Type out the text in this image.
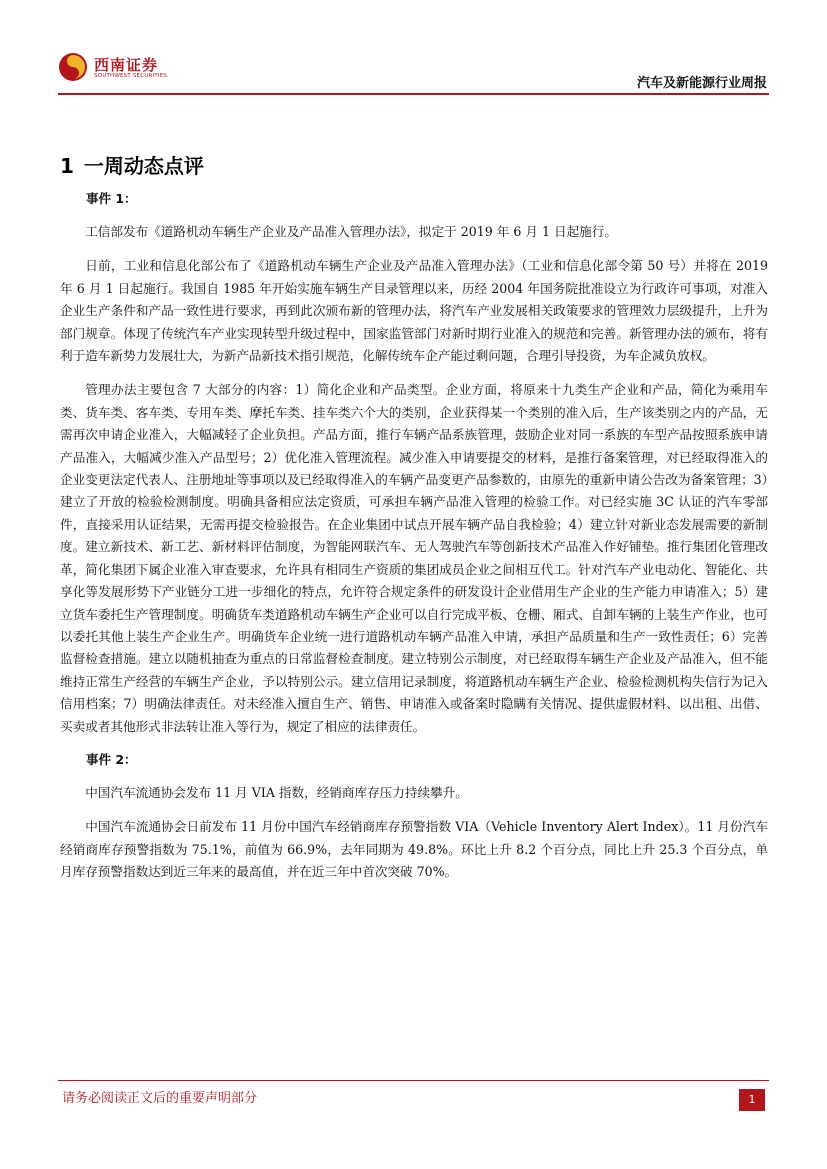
西南证券
SOUTHWEST SECURITIES	汽车及新能源行业周报
1 一周动态点评
事件 1：

工信部发布《道路机动车辆生产企业及产品准入管理办法》，拟定于 2019 年 6 月 1 日起施行。

日前，工业和信息化部公布了《道路机动车辆生产企业及产品准入管理办法》（工业和信息化部令第 50 号）并将在 2019 年 6 月 1 日起施行。我国自 1985 年开始实施车辆生产目录管理以来，历经 2004 年国务院批准设立为行政许可事项，对准入企业生产条件和产品一致性进行要求，再到此次颁布新的管理办法，将汽车产业发展相关政策要求的管理效力层级提升，上升为部门规章。体现了传统汽车产业实现转型升级过程中，国家监管部门对新时期行业准入的规范和完善。新管理办法的颁布，将有利于造车新势力发展壮大，为新产品新技术指引规范，化解传统车企产能过剩问题，合理引导投资，为车企减负放权。

管理办法主要包含 7 大部分的内容：1）简化企业和产品类型。企业方面，将原来十九类生产企业和产品，简化为乘用车类、货车类、客车类、专用车类、摩托车类、挂车类六个大的类别，企业获得某一个类别的准入后，生产该类别之内的产品，无需再次申请企业准入，大幅减轻了企业负担。产品方面，推行车辆产品系族管理，鼓励企业对同一系族的车型产品按照系族申请产品准入，大幅减少准入产品型号；2）优化准入管理流程。减少准入申请要提交的材料，是推行备案管理，对已经取得准入的企业变更法定代表人、注册地址等事项以及已经取得准入的车辆产品变更产品参数的，由原先的重新申请公告改为备案管理；3）建立了开放的检验检测制度。明确具备相应法定资质，可承担车辆产品准入管理的检验工作。对已经实施 3C 认证的汽车零部件，直接采用认证结果，无需再提交检验报告。在企业集团中试点开展车辆产品自我检验；4）建立针对新业态发展需要的新制度。建立新技术、新工艺、新材料评估制度，为智能网联汽车、无人驾驶汽车等创新技术产品准入作好铺垫。推行集团化管理改革，简化集团下属企业准入审查要求，允许具有相同生产资质的集团成员企业之间相互代工。针对汽车产业电动化、智能化、共享化等发展形势下产业链分工进一步细化的特点，允许符合规定条件的研发设计企业借用生产企业的生产能力申请准入；5）建立货车委托生产管理制度。明确货车类道路机动车辆生产企业可以自行完成平板、仓栅、厢式、自卸车辆的上装生产作业，也可以委托其他上装生产企业生产。明确货车企业统一进行道路机动车辆产品准入申请，承担产品质量和生产一致性责任；6）完善监督检查措施。建立以随机抽查为重点的日常监督检查制度。建立特别公示制度，对已经取得车辆生产企业及产品准入，但不能维持正常生产经营的车辆生产企业，予以特别公示。建立信用记录制度，将道路机动车辆生产企业、检验检测机构失信行为记入信用档案；7）明确法律责任。对未经准入擅自生产、销售、申请准入或备案时隐瞒有关情况、提供虚假材料、以出租、出借、买卖或者其他形式非法转让准入等行为，规定了相应的法律责任。

事件 2：

中国汽车流通协会发布 11 月 VIA 指数，经销商库存压力持续攀升。

中国汽车流通协会日前发布 11 月份中国汽车经销商库存预警指数 VIA（Vehicle Inventory Alert Index）。11 月份汽车经销商库存预警指数为 75.1%，前值为 66.9%，去年同期为 49.8%。环比上升 8.2 个百分点，同比上升 25.3 个百分点，单月库存预警指数达到近三年来的最高值，并在近三年中首次突破 70%。

请务必阅读正文后的重要声明部分	1
